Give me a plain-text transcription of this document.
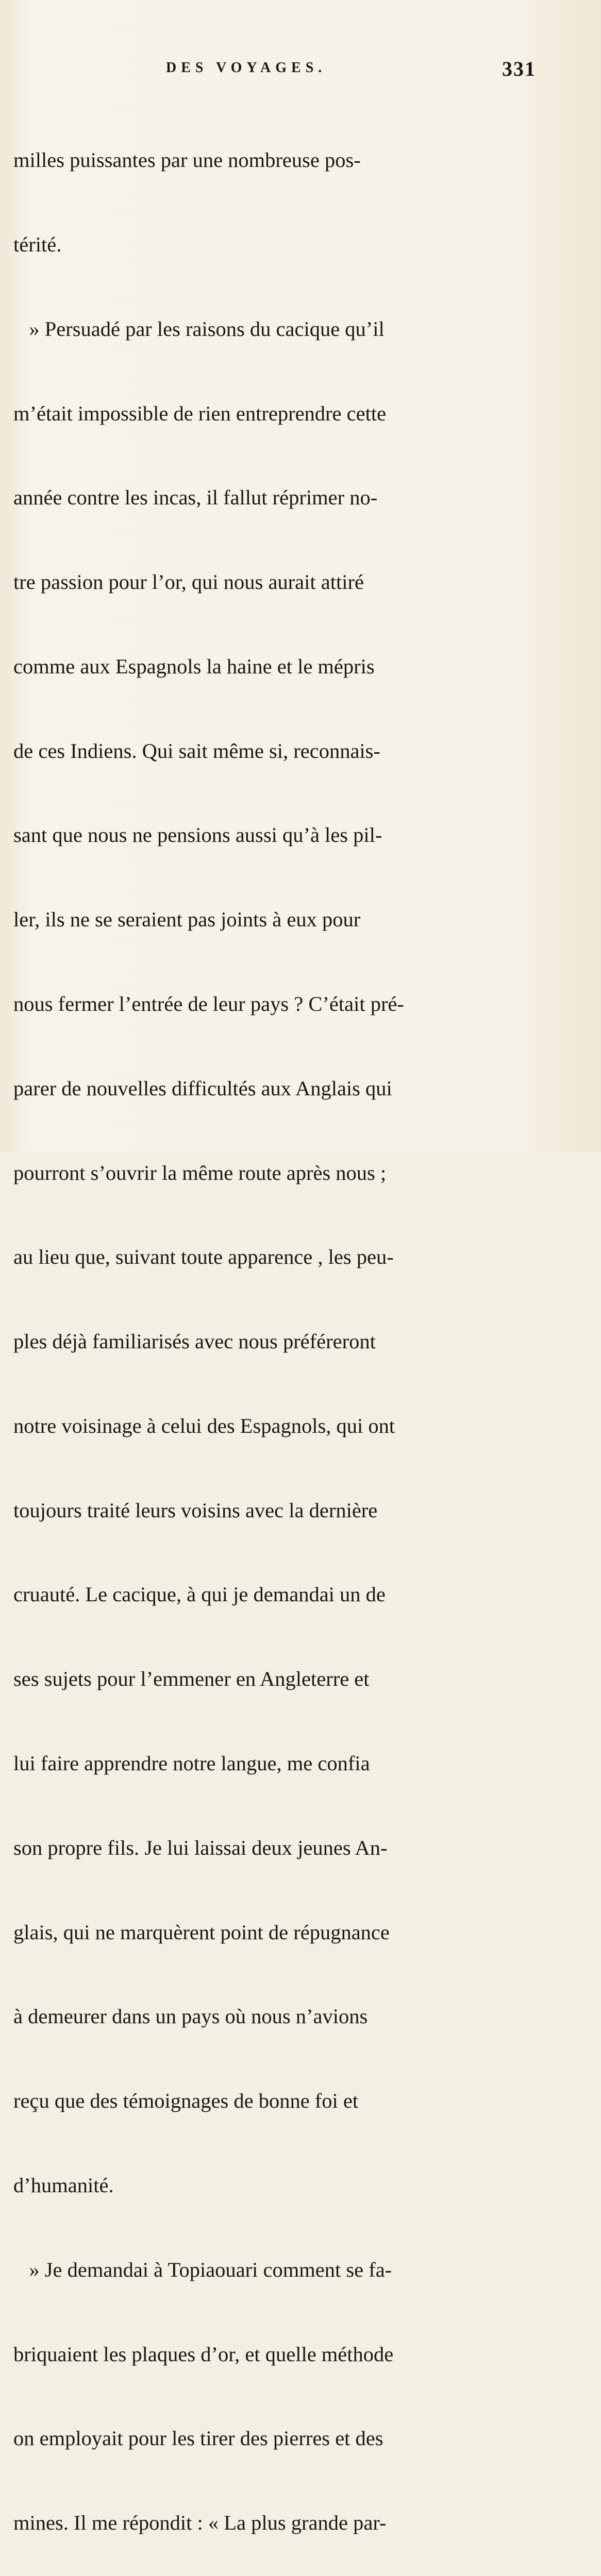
DES VOYAGES.	331

milles puissantes par une nombreuse pos-

térité.

» Persuadé par les raisons du cacique qu’il

m’était impossible de rien entreprendre cette

année contre les incas, il fallut réprimer no-

tre passion pour l’or, qui nous aurait attiré

comme aux Espagnols la haine et le mépris

de ces Indiens. Qui sait même si, reconnais-

sant que nous ne pensions aussi qu’à les pil-

ler, ils ne se seraient pas joints à eux pour

nous fermer l’entrée de leur pays ? C’était pré-

parer de nouvelles difficultés aux Anglais qui

pourront s’ouvrir la même route après nous ;

au lieu que, suivant toute apparence , les peu-

ples déjà familiarisés avec nous préféreront

notre voisinage à celui des Espagnols, qui ont

toujours traité leurs voisins avec la dernière

cruauté. Le cacique, à qui je demandai un de

ses sujets pour l’emmener en Angleterre et

lui faire apprendre notre langue, me confia

son propre fils. Je lui laissai deux jeunes An-

glais, qui ne marquèrent point de répugnance

à demeurer dans un pays où nous n’avions

reçu que des témoignages de bonne foi et

d’humanité.

» Je demandai à Topiaouari comment se fa-

briquaient les plaques d’or, et quelle méthode

on employait pour les tirer des pierres et des

mines. Il me répondit : « La plus grande par-
